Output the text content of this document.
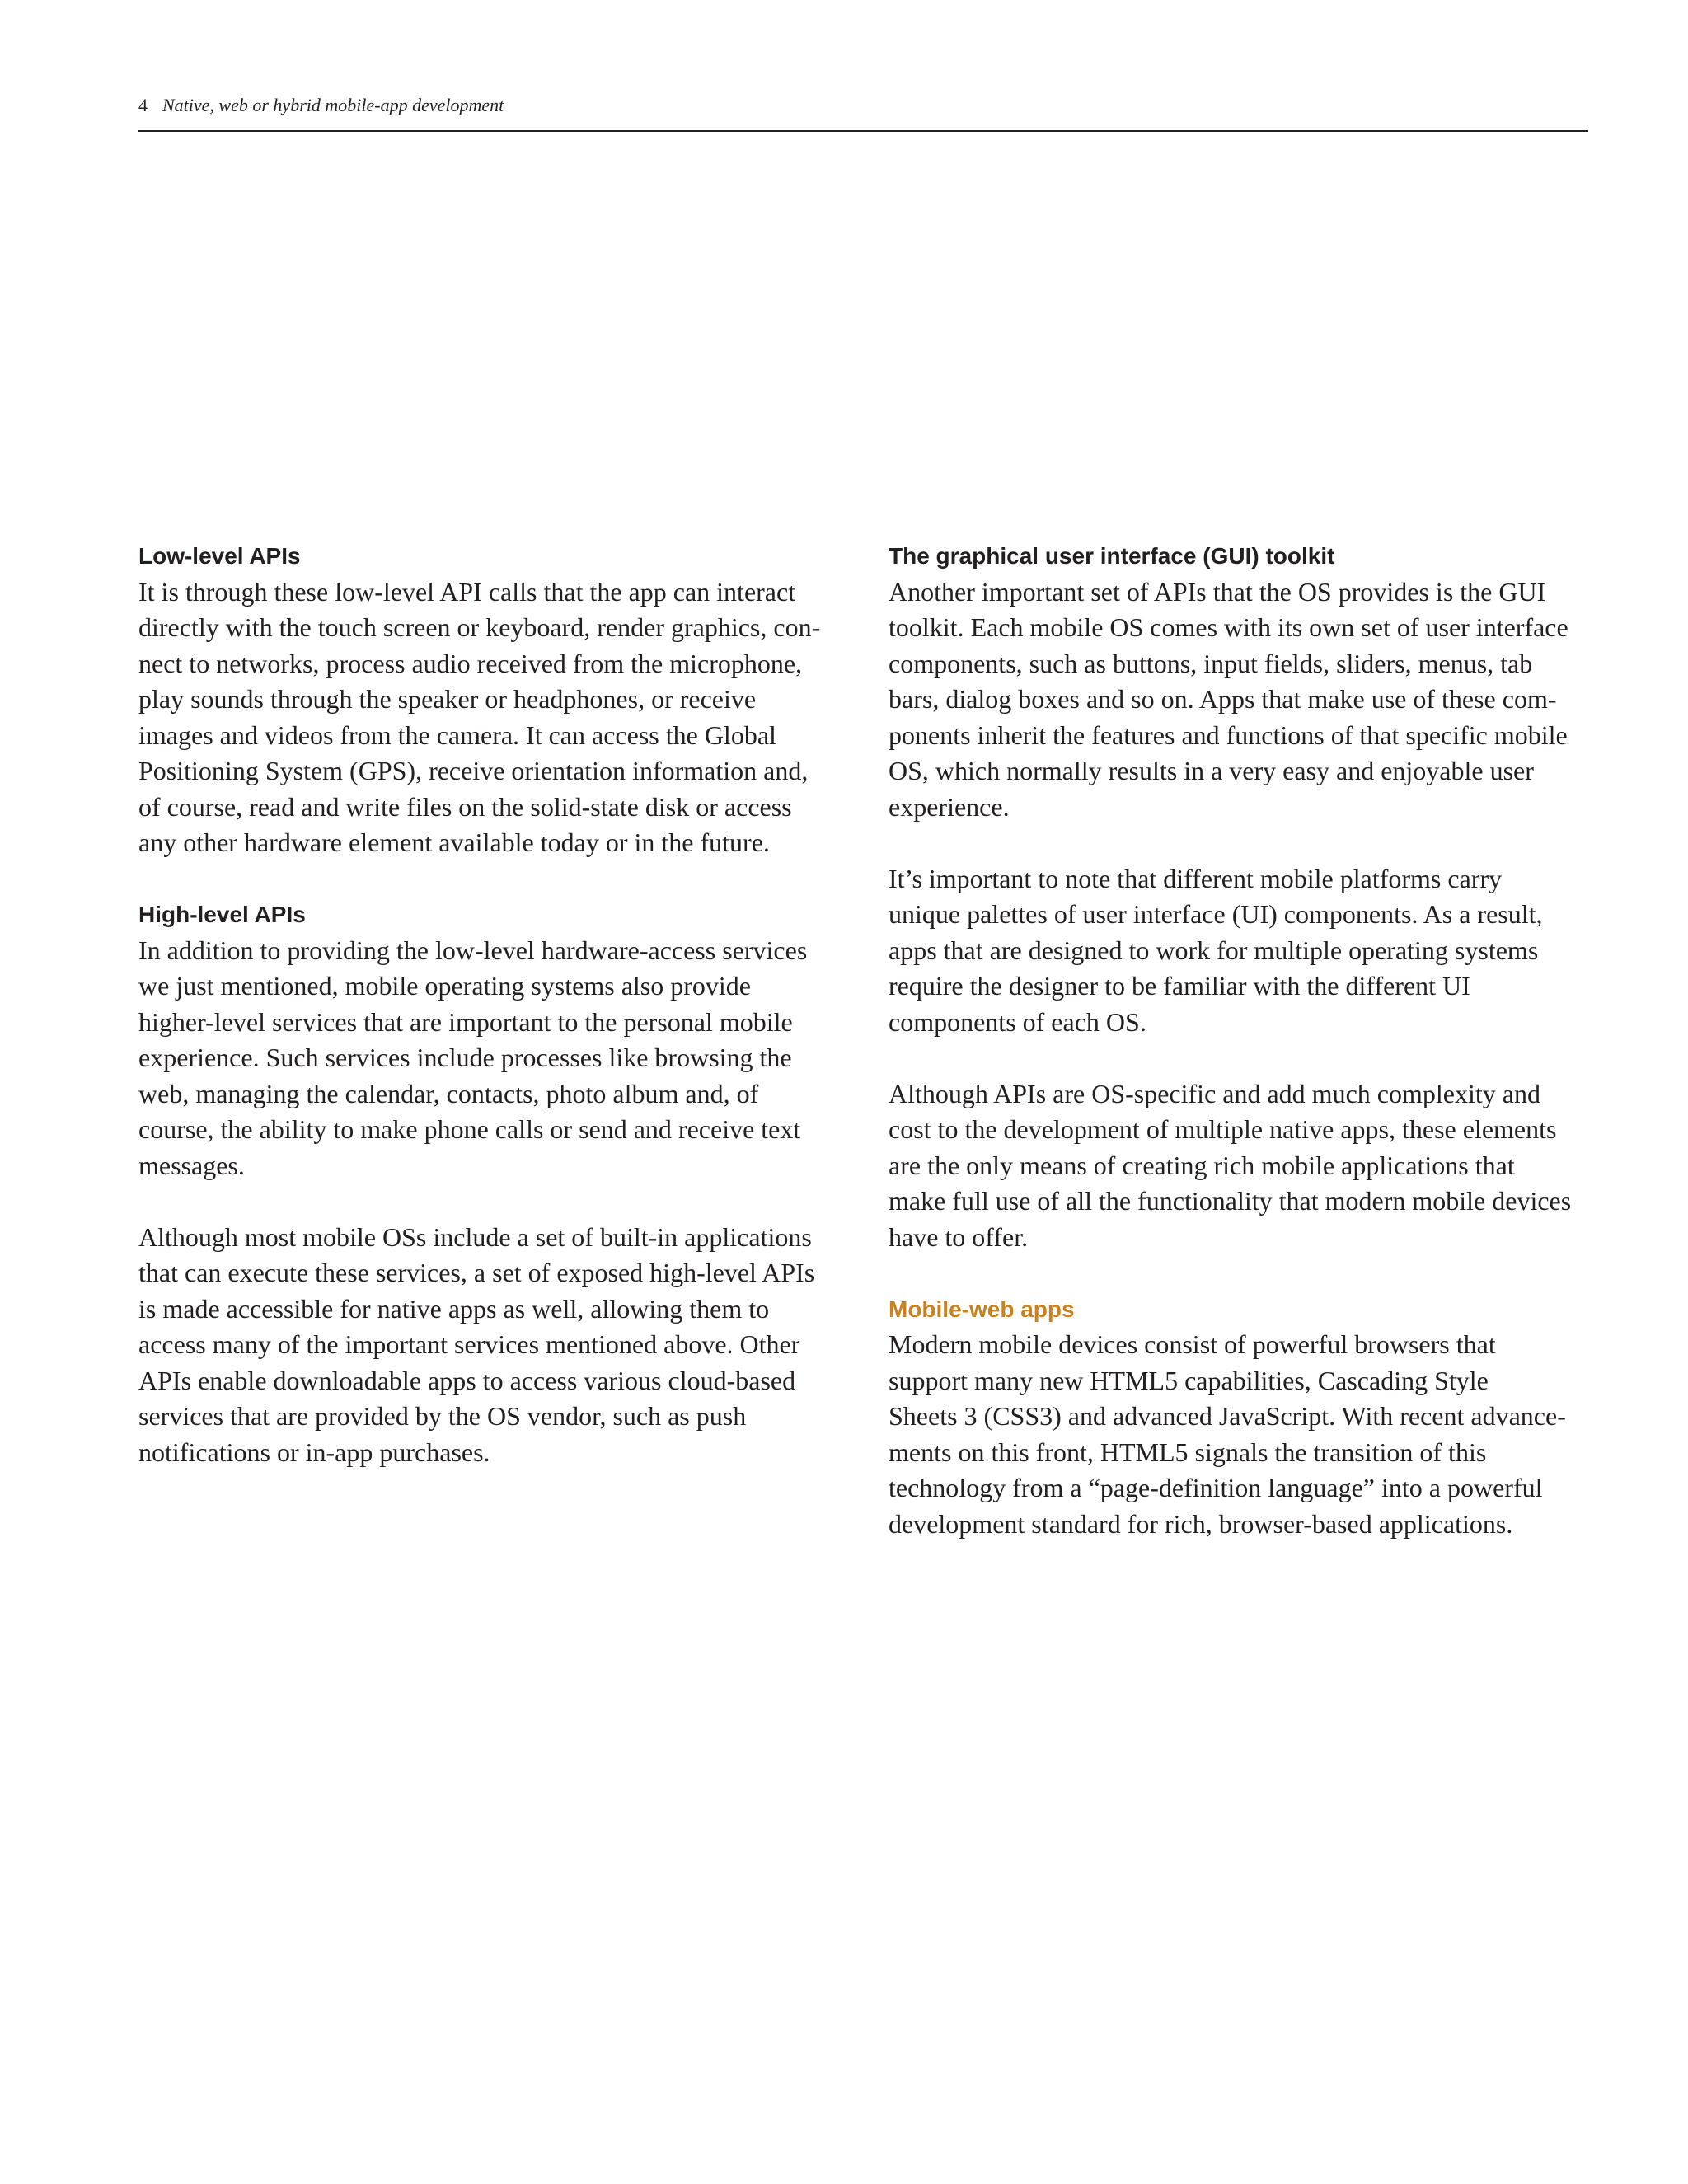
4 Native, web or hybrid mobile-app development
Low-level APIs

It is through these low-level API calls that the app can interact
directly with the touch screen or keyboard, render graphics, con-
nect to networks, process audio received from the microphone,
play sounds through the speaker or headphones, or receive
images and videos from the camera. It can access the Global
Positioning System (GPS), receive orientation information and,
of course, read and write files on the solid-state disk or access
any other hardware element available today or in the future.

High-level APIs

In addition to providing the low-level hardware-access services
we just mentioned, mobile operating systems also provide
higher-level services that are important to the personal mobile
experience. Such services include processes like browsing the
web, managing the calendar, contacts, photo album and, of
course, the ability to make phone calls or send and receive text
messages.

Although most mobile OSs include a set of built-in applications
that can execute these services, a set of exposed high-level APIs
is made accessible for native apps as well, allowing them to
access many of the important services mentioned above. Other
APIs enable downloadable apps to access various cloud-based
services that are provided by the OS vendor, such as push
notifications or in-app purchases.

The graphical user interface (GUI) toolkit

Another important set of APIs that the OS provides is the GUI
toolkit. Each mobile OS comes with its own set of user interface
components, such as buttons, input fields, sliders, menus, tab
bars, dialog boxes and so on. Apps that make use of these com-
ponents inherit the features and functions of that specific mobile
OS, which normally results in a very easy and enjoyable user
experience.

It’s important to note that different mobile platforms carry
unique palettes of user interface (UI) components. As a result,
apps that are designed to work for multiple operating systems
require the designer to be familiar with the different UI
components of each OS.

Although APIs are OS-specific and add much complexity and
cost to the development of multiple native apps, these elements
are the only means of creating rich mobile applications that
make full use of all the functionality that modern mobile devices
have to offer.

Mobile-web apps

Modern mobile devices consist of powerful browsers that
support many new HTML5 capabilities, Cascading Style
Sheets 3 (CSS3) and advanced JavaScript. With recent advance-
ments on this front, HTML5 signals the transition of this
technology from a “page-definition language” into a powerful
development standard for rich, browser-based applications.
